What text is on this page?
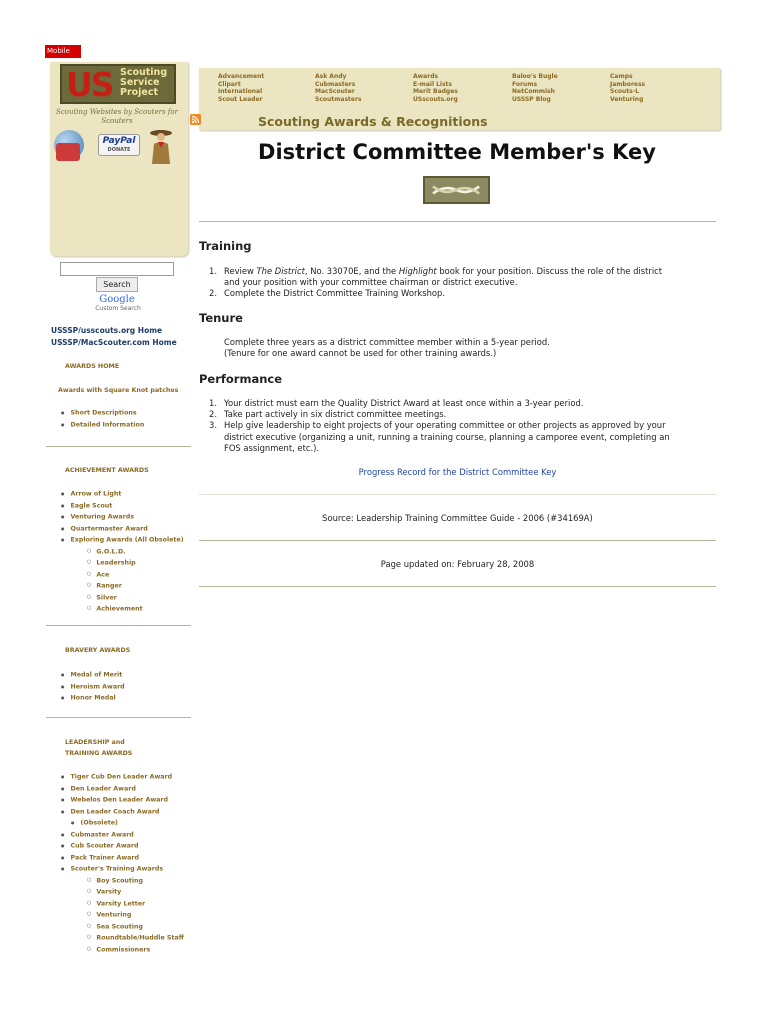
Mobile
US Scouting
Service
Project
Scouting Websites by Scouters for Scouters
PayPal
DONATE
Search
Google
Custom Search
USSSP/usscouts.org Home
USSSP/MacScouter.com Home
AWARDS HOME
Awards with Square Knot patches
● Short Descriptions
● Detailed Information
ACHIEVEMENT AWARDS
● Arrow of Light
● Eagle Scout
● Venturing Awards
● Quartermaster Award
● Exploring Awards (All Obsolete)
○ G.O.L.D.
○ Leadership
○ Ace
○ Ranger
○ Silver
○ Achievement
BRAVERY AWARDS
● Medal of Merit
● Heroism Award
● Honor Medal
LEADERSHIP and
TRAINING AWARDS
● Tiger Cub Den Leader Award
● Den Leader Award
● Webelos Den Leader Award
● Den Leader Coach Award
● (Obsolete)
● Cubmaster Award
● Cub Scouter Award
● Pack Trainer Award
● Scouter's Training Awards
○ Boy Scouting
○ Varsity
○ Varsity Letter
○ Venturing
○ Sea Scouting
○ Roundtable/Huddle Staff
○ Commissioners
Advancement
Clipart
International
Scout Leader
Ask Andy
Cubmasters
MacScouter
Scoutmasters
Awards
E-mail Lists
Merit Badges
USscouts.org
Baloo's Bugle
Forums
NetCommish
USSSP Blog
Camps
Jamboress
Scouts-L
Venturing
Scouting Awards & Recognitions
District Committee Member's Key
Training
1. Review The District, No. 33070E, and the Highlight book for your position. Discuss the role of the district
and your position with your committee chairman or district executive.
2. Complete the District Committee Training Workshop.
Tenure
Complete three years as a district committee member within a 5-year period.
(Tenure for one award cannot be used for other training awards.)
Performance
1. Your district must earn the Quality District Award at least once within a 3-year period.
2. Take part actively in six district committee meetings.
3. Help give leadership to eight projects of your operating committee or other projects as approved by your
district executive (organizing a unit, running a training course, planning a camporee event, completing an
FOS assignment, etc.).
Progress Record for the District Committee Key
Source: Leadership Training Committee Guide - 2006 (#34169A)
Page updated on: February 28, 2008
